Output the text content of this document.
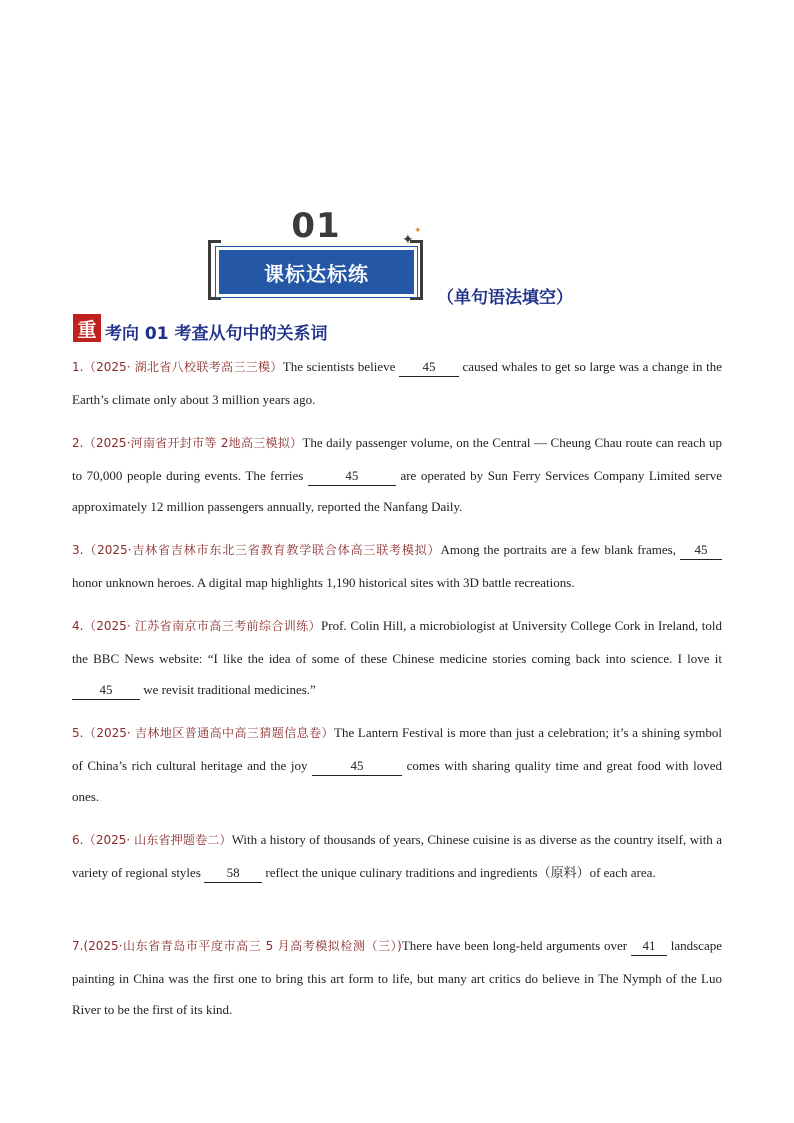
01
课标达标练
✦
✦
（单句语法填空）
重 考向 01 考查从句中的关系词
1.（2025· 湖北省八校联考高三三模）The scientists believe 45 caused whales to get so large was a change in the Earth’s climate only about 3 million years ago.
2.（2025·河南省开封市等 2地高三模拟）The daily passenger volume, on the Central — Cheung Chau route can reach up to 70,000 people during events. The ferries	45	are operated by Sun Ferry Services Company Limited serve approximately 12 million passengers annually, reported the Nanfang Daily.
3.（2025·吉林省吉林市东北三省教育教学联合体高三联考模拟）Among the portraits are a few blank frames, 45 honor unknown heroes. A digital map highlights 1,190 historical sites with 3D battle recreations.
4.（2025· 江苏省南京市高三考前综合训练）Prof. Colin Hill, a microbiologist at University College Cork in Ireland, told the BBC News website: “I like the idea of some of these Chinese medicine stories coming back into science. I love it 45 we revisit traditional medicines.”
5.（2025· 吉林地区普通高中高三猜题信息卷）The Lantern Festival is more than just a celebration; it’s a shining symbol of China’s rich cultural heritage and the joy	45	comes with sharing quality time and great food with loved ones.
6.（2025· 山东省押题卷二）With a history of thousands of years, Chinese cuisine is as diverse as the country itself, with a variety of regional styles 58 reflect the unique culinary traditions and ingredients（原料）of each area.
7.(2025·山东省青岛市平度市高三 5 月高考模拟检测（三）)There have been long-held arguments over 41 landscape painting in China was the first one to bring this art form to life, but many art critics do believe in The Nymph of the Luo River to be the first of its kind.
